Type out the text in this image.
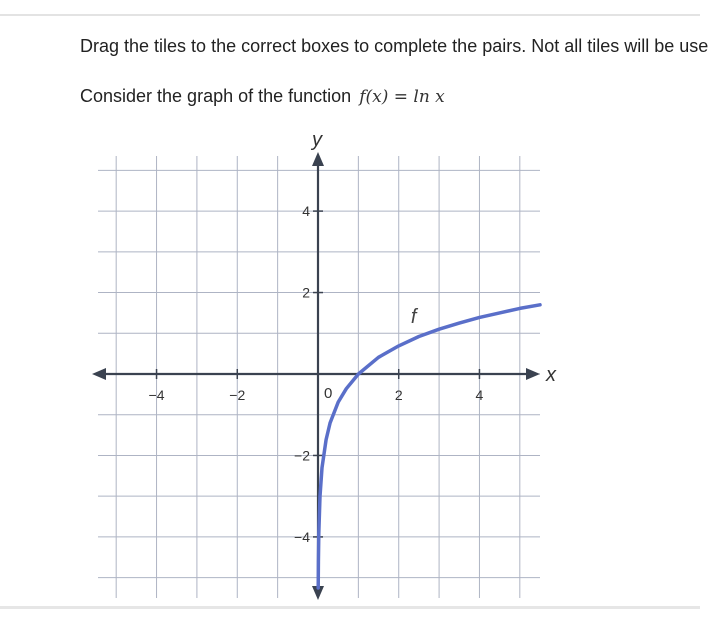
Drag the tiles to the correct boxes to complete the pairs. Not all tiles will be use
Consider the graph of the function f(x) = ln x
x
y
−4	−2	2	4
4
2
−2
−4
0
f
